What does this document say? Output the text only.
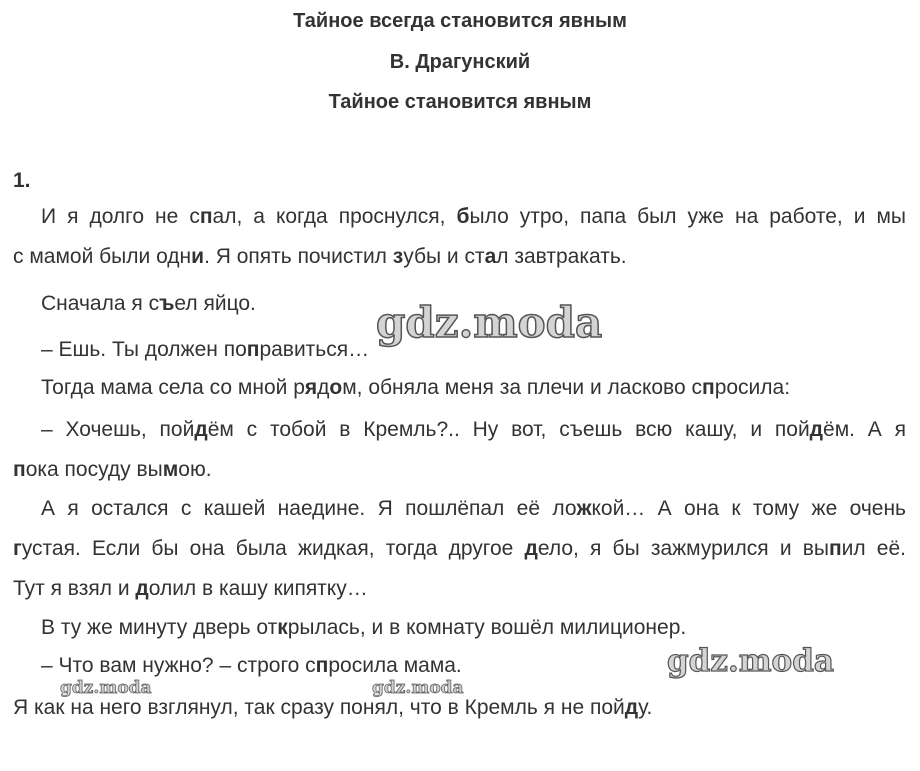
Тайное всегда становится явным
В. Драгунский
Тайное становится явным
1.
И я долго не спал, а когда проснулся, было утро, папа был уже на работе, и мы
с мамой были одни. Я опять почистил зубы и стал завтракать.
Сначала я съел яйцо.
– Ешь. Ты должен поправиться…
Тогда мама села со мной рядом, обняла меня за плечи и ласково спросила:
– Хочешь, пойдём с тобой в Кремль?.. Ну вот, съешь всю кашу, и пойдём. А я
пока посуду вымою.
А я остался с кашей наедине. Я пошлёпал её ложкой… А она к тому же очень
густая. Если бы она была жидкая, тогда другое дело, я бы зажмурился и выпил её.
Тут я взял и долил в кашу кипятку…
В ту же минуту дверь открылась, и в комнату вошёл милиционер.
– Что вам нужно? – строго спросила мама.
Я как на него взглянул, так сразу понял, что в Кремль я не пойду.
gdz.moda
gdz.moda
gdz.moda	gdz.moda
